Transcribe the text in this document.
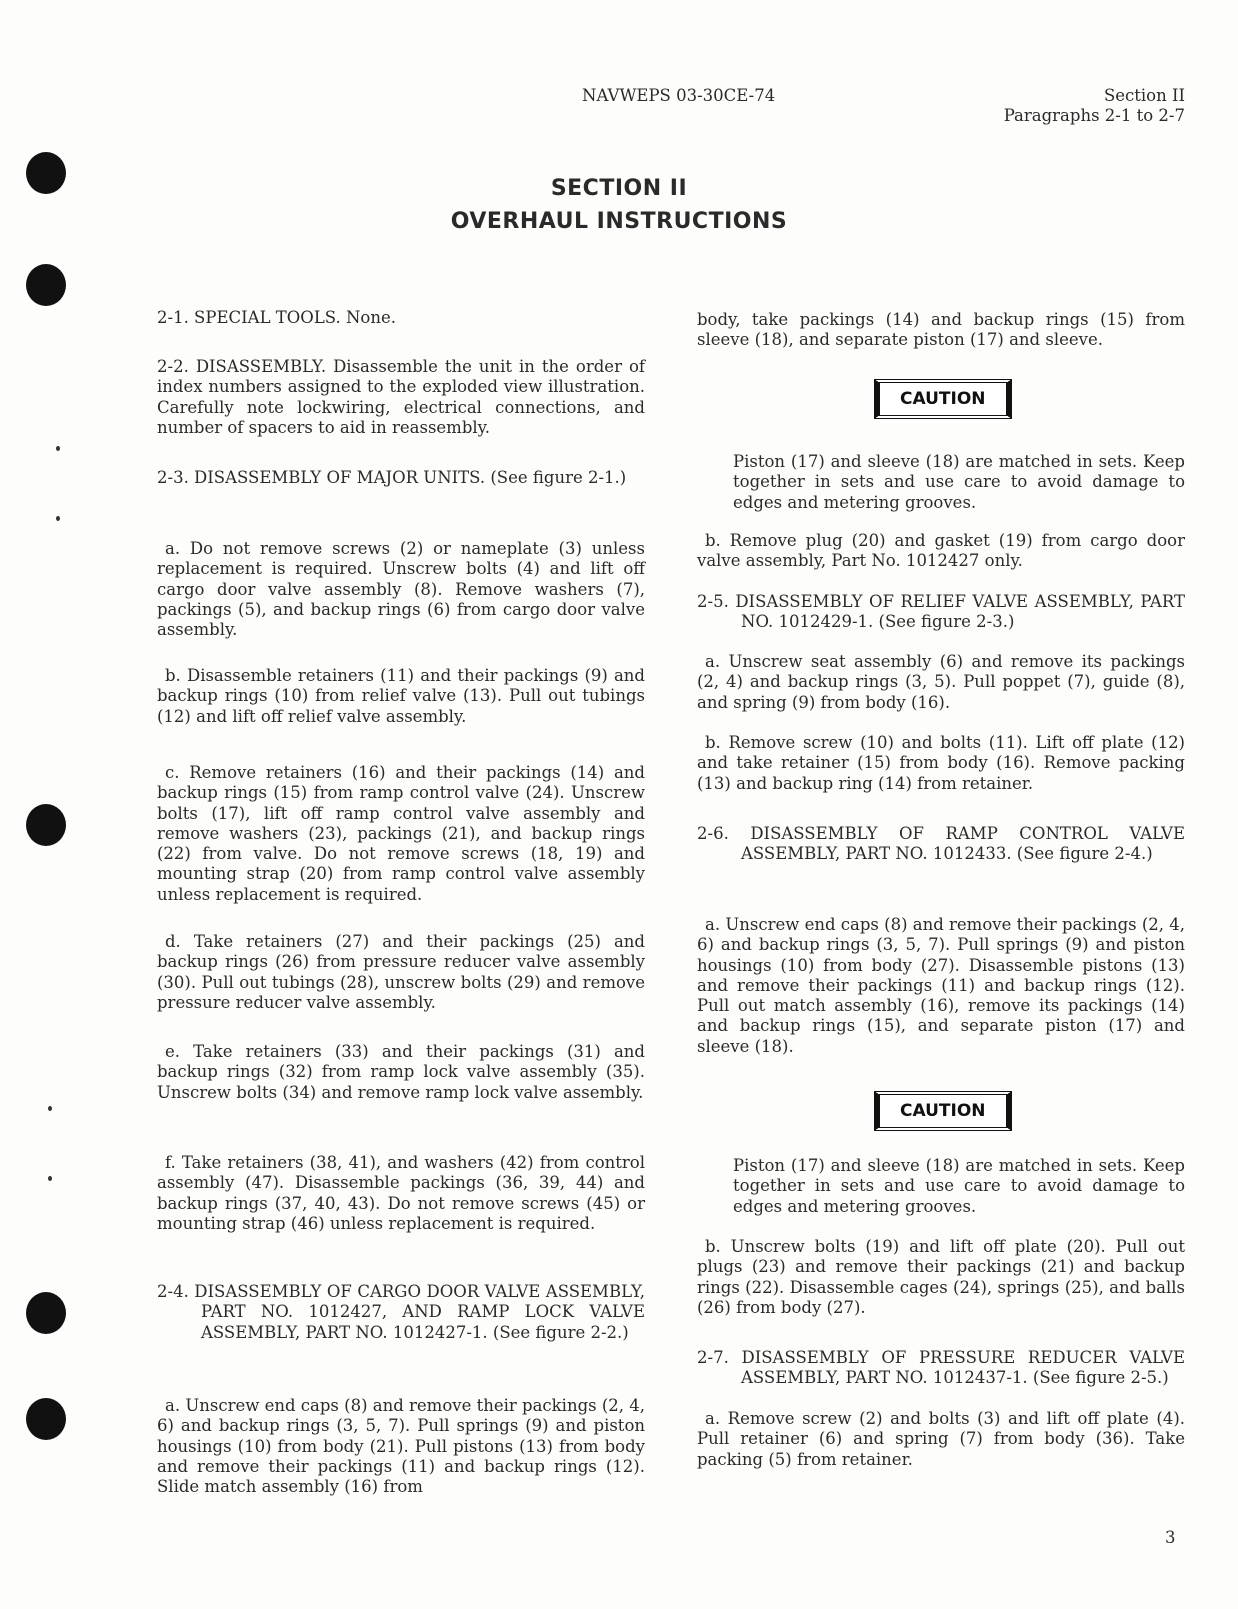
NAVWEPS 03-30CE-74	Section II
Paragraphs 2-1 to 2-7
SECTION II
OVERHAUL INSTRUCTIONS
2-1. SPECIAL TOOLS. None.
2-2. DISASSEMBLY. Disassemble the unit in the order of index numbers assigned to the exploded view illustration. Carefully note lockwiring, electrical connections, and number of spacers to aid in reassembly.
2-3. DISASSEMBLY OF MAJOR UNITS. (See figure 2-1.)
a. Do not remove screws (2) or nameplate (3) unless replacement is required. Unscrew bolts (4) and lift off cargo door valve assembly (8). Remove washers (7), packings (5), and backup rings (6) from cargo door valve assembly.
b. Disassemble retainers (11) and their packings (9) and backup rings (10) from relief valve (13). Pull out tubings (12) and lift off relief valve assembly.
c. Remove retainers (16) and their packings (14) and backup rings (15) from ramp control valve (24). Unscrew bolts (17), lift off ramp control valve assembly and remove washers (23), packings (21), and backup rings (22) from valve. Do not remove screws (18, 19) and mounting strap (20) from ramp control valve assembly unless replacement is required.
d. Take retainers (27) and their packings (25) and backup rings (26) from pressure reducer valve assembly (30). Pull out tubings (28), unscrew bolts (29) and remove pressure reducer valve assembly.
e. Take retainers (33) and their packings (31) and backup rings (32) from ramp lock valve assembly (35). Unscrew bolts (34) and remove ramp lock valve assembly.
f. Take retainers (38, 41), and washers (42) from control assembly (47). Disassemble packings (36, 39, 44) and backup rings (37, 40, 43). Do not remove screws (45) or mounting strap (46) unless replacement is required.
2-4. DISASSEMBLY OF CARGO DOOR VALVE ASSEMBLY, PART NO. 1012427, AND RAMP LOCK VALVE ASSEMBLY, PART NO. 1012427-1. (See figure 2-2.)
a. Unscrew end caps (8) and remove their packings (2, 4, 6) and backup rings (3, 5, 7). Pull springs (9) and piston housings (10) from body (21). Pull pistons (13) from body and remove their packings (11) and backup rings (12). Slide match assembly (16) from
body, take packings (14) and backup rings (15) from sleeve (18), and separate piston (17) and sleeve.
CAUTION
Piston (17) and sleeve (18) are matched in sets. Keep together in sets and use care to avoid damage to edges and metering grooves.
b. Remove plug (20) and gasket (19) from cargo door valve assembly, Part No. 1012427 only.
2-5. DISASSEMBLY OF RELIEF VALVE ASSEMBLY, PART NO. 1012429-1. (See figure 2-3.)
a. Unscrew seat assembly (6) and remove its packings (2, 4) and backup rings (3, 5). Pull poppet (7), guide (8), and spring (9) from body (16).
b. Remove screw (10) and bolts (11). Lift off plate (12) and take retainer (15) from body (16). Remove packing (13) and backup ring (14) from retainer.
2-6. DISASSEMBLY OF RAMP CONTROL VALVE ASSEMBLY, PART NO. 1012433. (See figure 2-4.)
a. Unscrew end caps (8) and remove their packings (2, 4, 6) and backup rings (3, 5, 7). Pull springs (9) and piston housings (10) from body (27). Disassemble pistons (13) and remove their packings (11) and backup rings (12). Pull out match assembly (16), remove its packings (14) and backup rings (15), and separate piston (17) and sleeve (18).
CAUTION
Piston (17) and sleeve (18) are matched in sets. Keep together in sets and use care to avoid damage to edges and metering grooves.
b. Unscrew bolts (19) and lift off plate (20). Pull out plugs (23) and remove their packings (21) and backup rings (22). Disassemble cages (24), springs (25), and balls (26) from body (27).
2-7. DISASSEMBLY OF PRESSURE REDUCER VALVE ASSEMBLY, PART NO. 1012437-1. (See figure 2-5.)
a. Remove screw (2) and bolts (3) and lift off plate (4). Pull retainer (6) and spring (7) from body (36). Take packing (5) from retainer.
3
